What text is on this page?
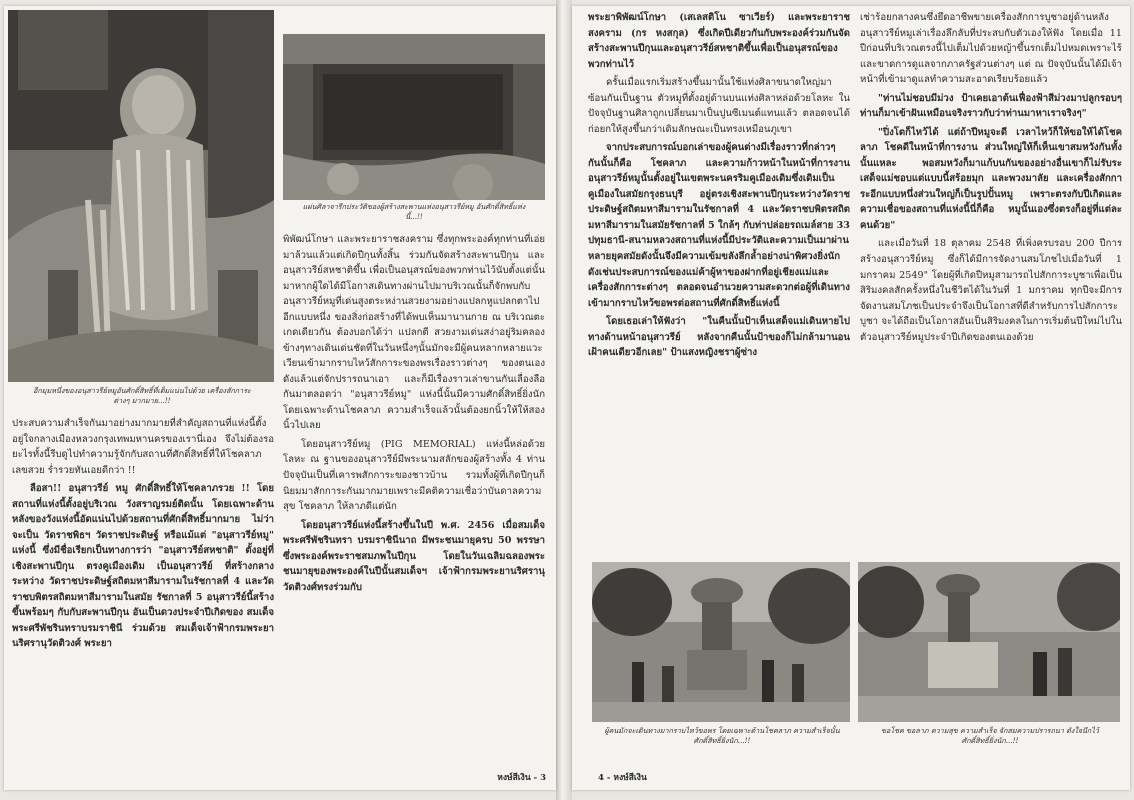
อีกมุมหนึ่งของอนุสาวรีย์หมูอันศักดิ์สิทธิ์ที่เต็มแน่นไปด้วย เครื่องสักการะต่างๆ มากมาย...!!
แผ่นศิลาจารึกประวัติของผู้สร้างสะพานแห่งอนุสาวรีย์หมู อันศักดิ์สิทธิ์แห่งนี้...!!

ประสบความสำเร็จกันมาอย่างมากมายที่สำคัญสถานที่แห่งนี้ตั้งอยู่ใจกลางเมืองหลวงกรุงเทพมหานครของเรานี่เอง จึงไม่ต้องรอยะไรทั้งนี้รีบดูไปทำความรู้จักกับสถานที่ศักดิ์สิทธิ์ที่ให้โชคลาภ เลขสวย ร่ำรวยทันเอยดีกว่า !!

ลือสา!! อนุสาวรีย์ หมู ศักดิ์สิทธิ์ให้โชคลาภรวย !! โดยสถานที่แห่งนี้ตั้งอยู่บริเวณ วังสราญรมย์ติดนั้น โดยเฉพาะด้านหลังของวังแห่งนี้อัดแน่นไปด้วยสถานที่ศักดิ์สิทธิ์มากมาย ไม่ว่าจะเป็น วัดราชพิธฯ วัดราชประดิษฐ์ หรือแม้แต่ "อนุสาวรีย์หมู" แห่งนี้ ซึ่งมีชื่อเรียกเป็นทางการว่า "อนุสาวรีย์สหชาติ" ตั้งอยู่ที่เชิงสะพานปีกุน ตรงคูเมืองเดิม เป็นอนุสาวรีย์ ที่สร้างกลางระหว่าง วัดราชประดิษฐ์สถิตมหาสีมารามในรัชกาลที่ 4 และวัดราชบพิตรสถิตมหาสีมารามในสมัย รัชกาลที่ 5 อนุสาวรีย์นี้สร้างขึ้นพร้อมๆ กับกับสะพานปีกุน อันเป็นดวงประจำปีเกิดของ สมเด็จพระศรีพัชรินทราบรมราชินี ร่วมด้วย สมเด็จเจ้าฟ้ากรมพระยานริศรานุวัดติวงศ์ พระยา

พิพัฒน์โกษา และพระยาราชสงคราม ซึ่งทุกพระองค์ทุกท่านที่เอ่ยมาล้วนแล้วแต่เกิดปีกุนทั้งสิ้น ร่วมกันจัดสร้างสะพานปีกุน และอนุสาวรีย์สหชาติขึ้น เพื่อเป็นอนุสรณ์ของพวกท่านไว้นับตั้งแต่นั้นมาหากผู้ใดได้มีโอกาสเดินทางผ่านไปมาบริเวณนั้นก็จักพบกับอนุสาวรีย์หมูที่เด่นสูงตระหง่านสวยงามอย่างแปลกหูแปลกตาไปอีกแบบหนึ่ง ของสิ่งก่อสร้างที่ได้พบเห็นมานานกาย ณ บริเวณตะเกดเดียวกัน ต้องบอกได้ว่า แปลกตี สวยงามเด่นสง่าอยู่ริมคลองข้างๆทางเดินเด่นชัดที่ในวันหนึ่งๆนั้นมักจะมีผู้คนหลากหลายแวะเวียนเข้ามากราบไหว้สักการะของพรเรื่องราวต่างๆ ของตนเองดังแล้วแต่จักปรารถนาเอา และก็มีเรื่องราวเล่าขานกันเลื่องลือกันมาตลอดว่า "อนุสาวรีย์หมู" แห่งนี้นั้นมีความศักดิ์สิทธิ์ยิ่งนักโดยเฉพาะด้านโชคลาภ ความสำเร็จแล้วนั้นต้องยกนิ้วให้ให้สองนิ้วไปเลย

โดยอนุสาวรีย์หมู (PIG MEMORIAL) แห่งนี้หล่อด้วยโลหะ ณ ฐานของอนุสาวรีย์มีพระนามสลักของผู้สร้างทั้ง 4 ท่าน ปัจจุบันเป็นที่เคารพสักการะของชาวบ้าน รวมทั้งผู้ที่เกิดปีกุนก็นิยมมาสักการะกันมากมายเพราะมีคติความเชื่อว่าบันดาลความสุข โชคลาภ ให้ลาภดีแต่นัก

โดยอนุสาวรีย์แห่งนี้สร้างขึ้นในปี พ.ศ. 2456 เมื่อสมเด็จพระศรีพัชรินทรา บรมราชินีนาถ มีพระชนมายุครบ 50 พรรษา ซึ่งพระองค์พระราชสมภพในปีกุน โดยในวันเฉลิมฉลองพระชนมายุของพระองค์ในปีนั้นสมเด็จฯ เจ้าฟ้ากรมพระยานริศรานุวัดติวงศ์ทรงร่วมกับ

หงษ์สีเงิน - 3

พระยาพิพัฒน์โกษา (เสเลสติโน ซาเวียร์) และพระยาราชสงคราม (กร หงสกุล) ซึ่งเกิดปีเดียวกันกับพระองค์ร่วมกันจัดสร้างสะพานปีกุนและอนุสาวรีย์สหชาติขึ้นเพื่อเป็นอนุสรณ์ของพวกท่านไว้

ครั้นเมื่อแรกเริ่มสร้างขึ้นมานั้นใช้แท่งศิลาขนาดใหญ่มาซ้อนกันเป็นฐาน ตัวหมูที่ตั้งอยู่ด้านบนแท่งศิลาหล่อด้วยโลหะ ในปัจจุบันฐานศิลาถูกเปลี่ยนมาเป็นปูนซีเมนต์แทนแล้ว ตลอดจนได้ก่อยกให้สูงขึ้นกว่าเดิมลักษณะเป็นทรงเหมือนภูเขา

จากประสบการณ์บอกเล่าของผู้คนต่างมีเรื่องราวที่กล่าวๆ กันนั้นก็คือ โชคลาภ และความก้าวหน้าในหน้าที่การงาน อนุสาวรีย์หมูนั้นตั้งอยู่ในเขตพระนครริมคูเมืองเดิมซึ่งเดิมเป็นคูเมืองในสมัยกรุงธนบุรี อยู่ตรงเชิงสะพานปีกุนระหว่างวัดราชประดิษฐ์สถิตมหาสีมารามในรัชกาลที่ 4 และวัดราชบพิตรสถิตมหาสีมารามในสมัยรัชกาลที่ 5 ใกล้ๆ กับท่าปล่อยรถเมล์สาย 33 ปทุมธานี-สนามหลวงสถานที่แห่งนี้มีประวัติและความเป็นมาผ่านหลายยุคสมัยดังนั้นจึงมีความเข้มขลังลึกล้ำอย่างน่าพิศวงยิ่งนัก ดังเช่นประสบการณ์ของแม่ค้าผู้หาของฝากที่อยู่เชียงแม่และเครื่องสักการะต่างๆ ตลอดจนอำนวยความสะดวกต่อผู้ที่เดินทางเข้ามากราบไหว้ขอพรต่อสถานที่ศักดิ์สิทธิ์แห่งนี้

โดยเธอเล่าให้ฟังว่า "ในคืนนั้นป้าเห็นเสด็จแม่เดินหายไปทางด้านหน้าอนุสาวรีย์ หลังจากคืนนั้นป้าของก็ไม่กล้ามานอนเฝ้าคนเดียวอีกเลย" ป้าแสงหญิงชราผู้ซ่าง

เช่าร้อยกลางคนซึ่งยึดอาชีพขายเครื่องสักการบูชาอยู่ด้านหลังอนุสาวรีย์หมูเล่าเรื่องลึกลับที่ประสบกับตัวเองให้ฟัง โดยเมื่อ 11 ปีก่อนที่บริเวณตรงนี้ไปเต็มไปด้วยหญ้าขึ้นรกเต็มไปหมดเพราะไร้และขาดการดูแลจากภาครัฐส่วนต่างๆ แต่ ณ ปัจจุบันนั้นได้มีเจ้าหน้าที่เข้ามาดูแลทำความสะอาดเรียบร้อยแล้ว

"ท่านไม่ชอบมีม่วง ป้าเคยเอาต้นเฟื่องฟ้าสีม่วงมาปลูกรอบๆ ท่านก็มาเข้าฝันเหมือนจริงราวกับว่าท่านมาหาเราจริงๆ"

"ปิ่งโตก็ไหว้ได้ แต่ถ้าปีหมูจะดี เวลาไหว้ก็ให้ขอให้ได้โชคลาภ โชคดีในหน้าที่การงาน ส่วนใหญ่ให้ก็เห็นเขาสมหวังกันทั้งนั้นแหละ พอสมหวังก็มาแก้บนกันของอย่างอื่นเขาก็ไม่รับระ เสด็จแม่ชอบแต่แบบนี้สร้อยมุก และพวงมาลัย และเครื่องสักการะอีกแบบหนึ่งส่วนใหญ่ก็เป็นรูปปั้นหมู เพราะตรงกับปีเกิดและความเชื่อของสถานที่แห่งนี้นี่ก็คือ หมูนั้นเองซึ่งตรงก็อยู่ที่แต่ละคนด้วย"

และเมื่อวันที่ 18 ตุลาคม 2548 ที่เพิ่งครบรอบ 200 ปีการสร้างอนุสาวรีย์หมู ซึ่งก็ได้มีการจัดงานสมโภชไปเมื่อวันที่ 1 มกราคม 2549" โดยผู้ที่เกิดปีหมูสามารถไปสักการะบูชาเพื่อเป็นสิริมงคลสักครั้งหนึ่งในชีวิตได้ในวันที่ 1 มกราคม ทุกปีจะมีการจัดงานสมโภชเป็นประจำจึงเป็นโอกาสที่ดีสำหรับการไปสักการะบูชา จะได้ถือเป็นโอกาสอันเป็นสิริมงคลในการเริ่มต้นปีใหม่ไปในตัวอนุสาวรีย์หมูประจำปีเกิดของตนเองด้วย

ผู้คนมักจะเดินทางมากราบไหว้ขอพร โดยเฉพาะด้านโชคลาภ ความสำเร็จนั้นศักดิ์สิทธิ์ยิ่งนัก...!!
ขอโชค ขอลาภ ความสุข ความสำเร็จ จักสมความปรารถนา ดังใจนึกไว้ ศักดิ์สิทธิ์ยิ่งนัก...!!
4 - หงษ์สีเงิน
